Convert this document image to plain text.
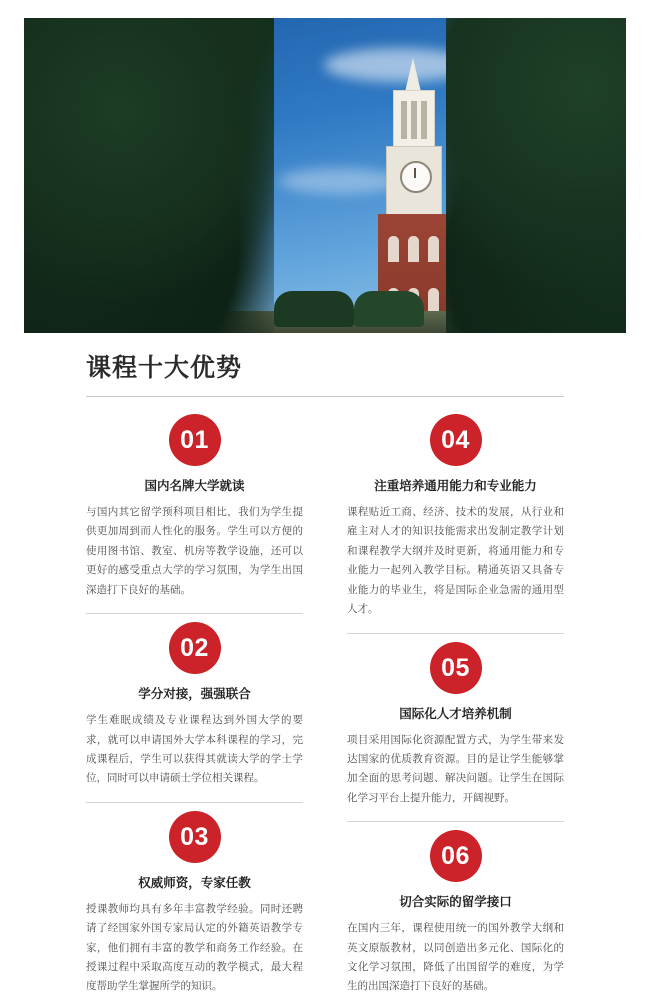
课程十大优势
01
国内名牌大学就读
与国内其它留学预科项目相比，我们为学生提供更加周到而人性化的服务。学生可以方便的使用图书馆、教室、机房等教学设施，还可以更好的感受重点大学的学习氛围，为学生出国深造打下良好的基础。
02
学分对接，强强联合
学生难眠成绩及专业课程达到外国大学的要求，就可以申请国外大学本科课程的学习，完成课程后，学生可以获得其就读大学的学士学位，同时可以申请硕士学位相关课程。
03
权威师资，专家任教
授课教师均具有多年丰富教学经验。同时还聘请了经国家外国专家局认定的外籍英语教学专家，他们拥有丰富的教学和商务工作经验。在授课过程中采取高度互动的教学模式，最大程度帮助学生掌握所学的知识。
04
注重培养通用能力和专业能力
课程贴近工商、经济、技术的发展，从行业和雇主对人才的知识技能需求出发制定教学计划和课程教学大纲并及时更新，将通用能力和专业能力一起列入教学目标。精通英语又具备专业能力的毕业生，将是国际企业急需的通用型人才。
05
国际化人才培养机制
项目采用国际化资源配置方式，为学生带来发达国家的优质教育资源。目的是让学生能够掌加全面的思考问题、解决问题。让学生在国际化学习平台上提升能力，开阔视野。
06
切合实际的留学接口
在国内三年，课程使用统一的国外教学大纲和英文原版教材，以同创造出多元化、国际化的文化学习氛围，降低了出国留学的难度，为学生的出国深造打下良好的基础。
